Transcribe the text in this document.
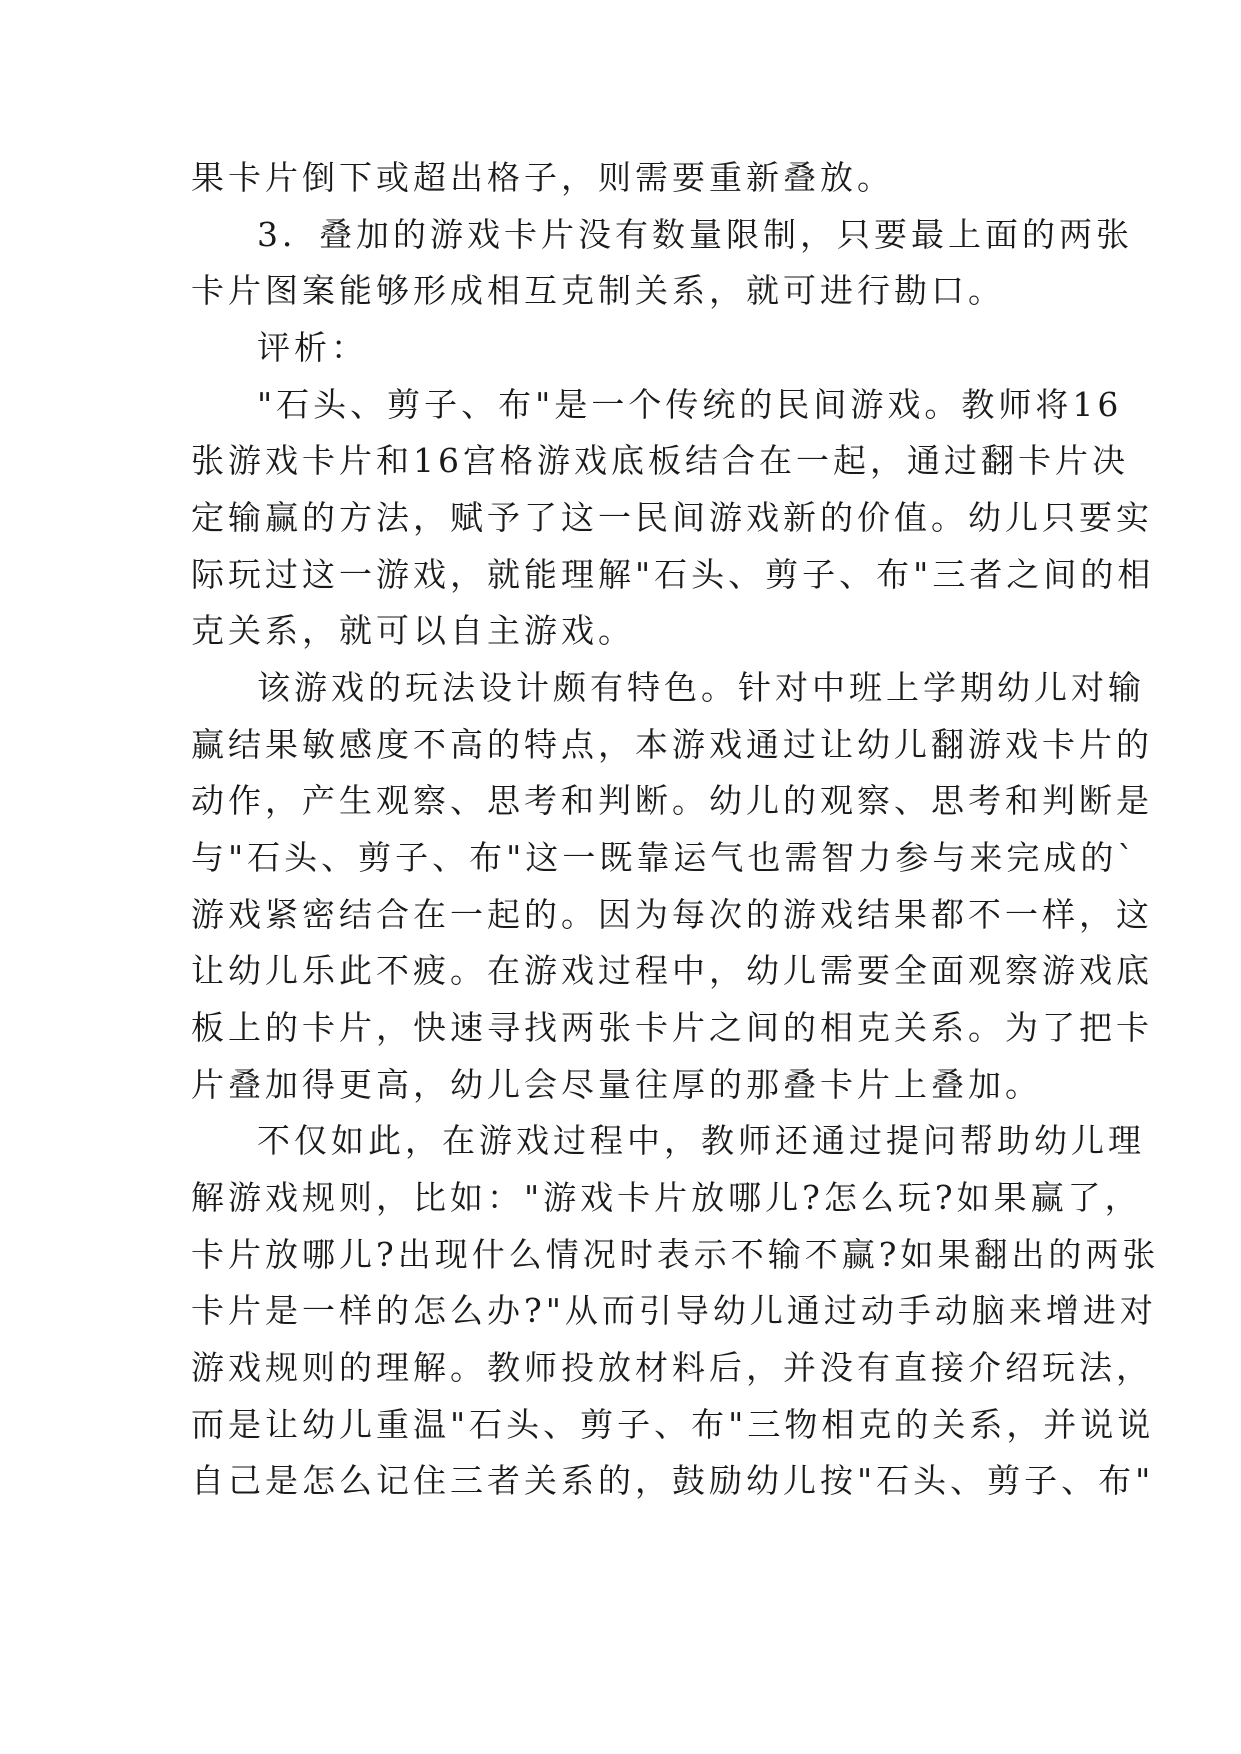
果卡片倒下或超出格子，则需要重新叠放。
3．叠加的游戏卡片没有数量限制，只要最上面的两张
卡片图案能够形成相互克制关系，就可进行勘口。
评析：
"石头、剪子、布"是一个传统的民间游戏。教师将16
张游戏卡片和16宫格游戏底板结合在一起，通过翻卡片决
定输赢的方法，赋予了这一民间游戏新的价值。幼儿只要实
际玩过这一游戏，就能理解"石头、剪子、布"三者之间的相
克关系，就可以自主游戏。
该游戏的玩法设计颇有特色。针对中班上学期幼儿对输
赢结果敏感度不高的特点，本游戏通过让幼儿翻游戏卡片的
动作，产生观察、思考和判断。幼儿的观察、思考和判断是
与"石头、剪子、布"这一既靠运气也需智力参与来完成的`
游戏紧密结合在一起的。因为每次的游戏结果都不一样，这
让幼儿乐此不疲。在游戏过程中，幼儿需要全面观察游戏底
板上的卡片，快速寻找两张卡片之间的相克关系。为了把卡
片叠加得更高，幼儿会尽量往厚的那叠卡片上叠加。
不仅如此，在游戏过程中，教师还通过提问帮助幼儿理
解游戏规则，比如："游戏卡片放哪儿?怎么玩?如果赢了，
卡片放哪儿?出现什么情况时表示不输不赢?如果翻出的两张
卡片是一样的怎么办?"从而引导幼儿通过动手动脑来增进对
游戏规则的理解。教师投放材料后，并没有直接介绍玩法，
而是让幼儿重温"石头、剪子、布"三物相克的关系，并说说
自己是怎么记住三者关系的，鼓励幼儿按"石头、剪子、布"
